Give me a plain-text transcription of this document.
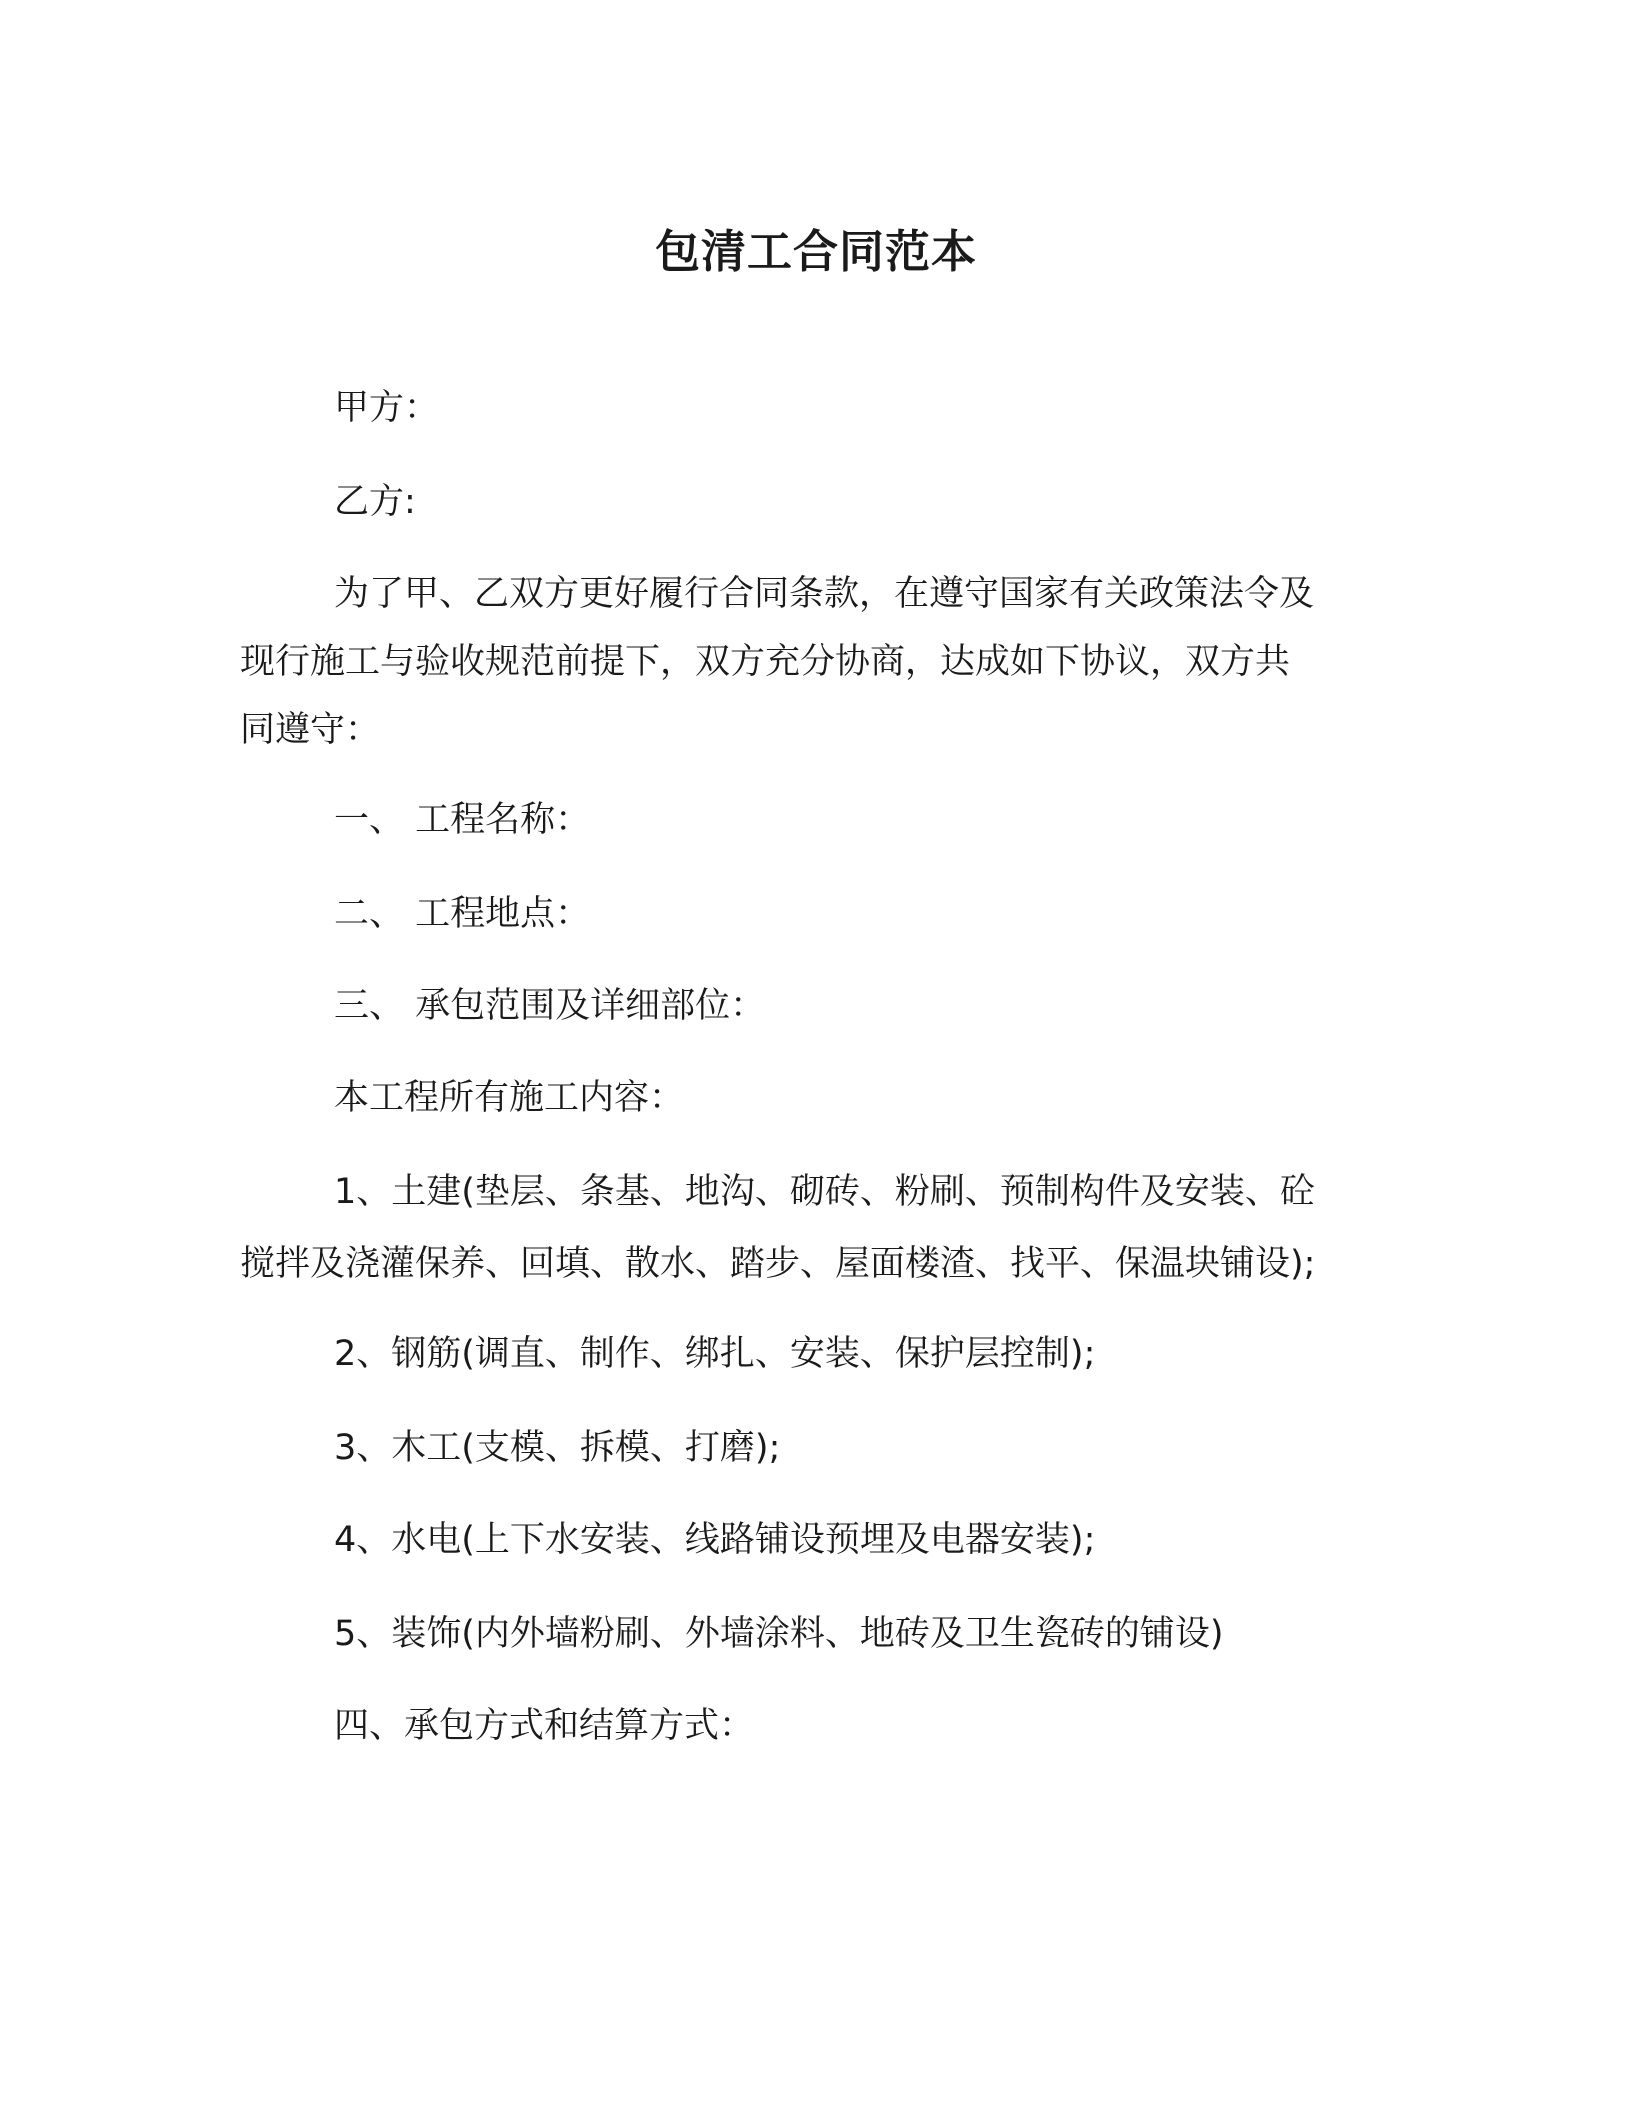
包清工合同范本
甲方：
乙方:
为了甲、乙双方更好履行合同条款，在遵守国家有关政策法令及
现行施工与验收规范前提下，双方充分协商，达成如下协议，双方共
同遵守：
一、 工程名称：
二、 工程地点：
三、 承包范围及详细部位：
本工程所有施工内容：
1、土建(垫层、条基、地沟、砌砖、粉刷、预制构件及安装、砼
搅拌及浇灌保养、回填、散水、踏步、屋面楼渣、找平、保温块铺设);
2、钢筋(调直、制作、绑扎、安装、保护层控制);
3、木工(支模、拆模、打磨);
4、水电(上下水安装、线路铺设预埋及电器安装);
5、装饰(内外墙粉刷、外墙涂料、地砖及卫生瓷砖的铺设)
四、承包方式和结算方式：
